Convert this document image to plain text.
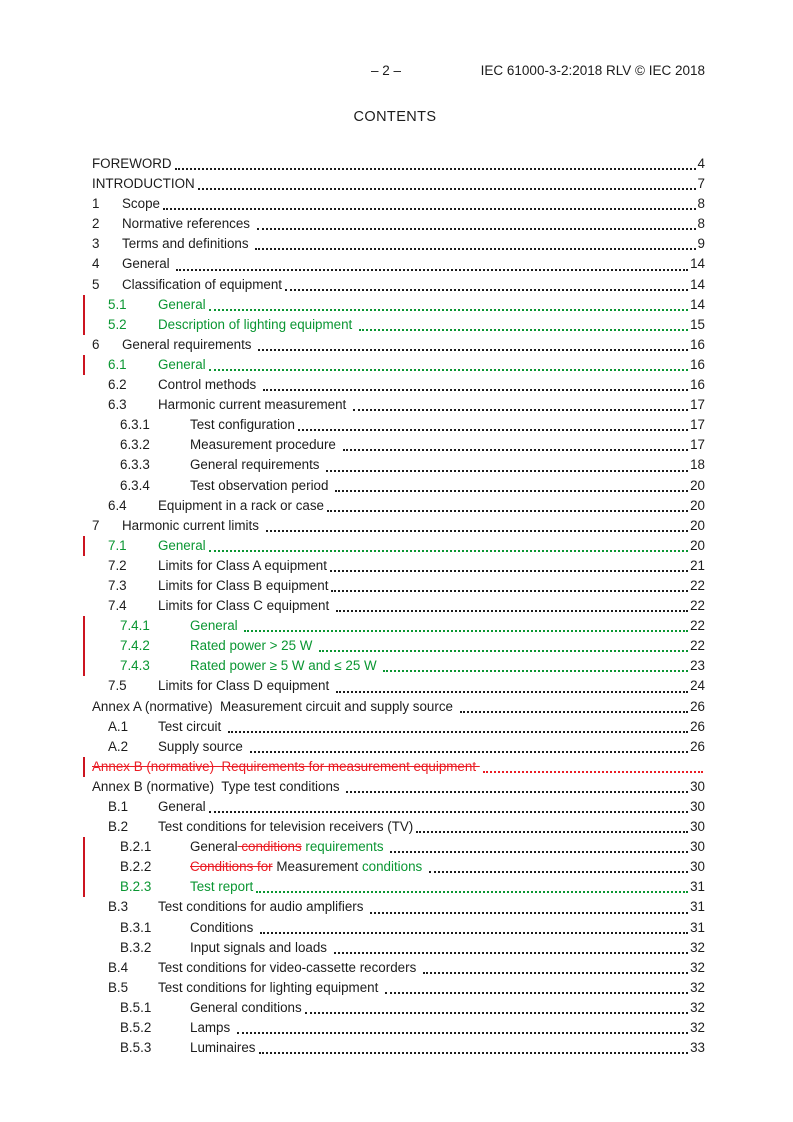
– 2 –	IEC 61000-3-2:2018 RLV © IEC 2018
CONTENTS
FOREWORD	4
INTRODUCTION	7
1	Scope	8
2	Normative references	8
3	Terms and definitions	9
4	General	14
5	Classification of equipment	14
5.1	General	14
5.2	Description of lighting equipment	15
6	General requirements	16
6.1	General	16
6.2	Control methods	16
6.3	Harmonic current measurement	17
6.3.1	Test configuration	17
6.3.2	Measurement procedure	17
6.3.3	General requirements	18
6.3.4	Test observation period	20
6.4	Equipment in a rack or case	20
7	Harmonic current limits	20
7.1	General	20
7.2	Limits for Class A equipment	21
7.3	Limits for Class B equipment	22
7.4	Limits for Class C equipment	22
7.4.1	General	22
7.4.2	Rated power > 25 W	22
7.4.3	Rated power ≥ 5 W and ≤ 25 W	23
7.5	Limits for Class D equipment	24
Annex A (normative)  Measurement circuit and supply source	26
A.1	Test circuit	26
A.2	Supply source	26
Annex B (normative)  Requirements for measurement equipment
Annex B (normative)  Type test conditions	30
B.1	General	30
B.2	Test conditions for television receivers (TV)	30
B.2.1	General conditions requirements	30
B.2.2	Conditions for Measurement conditions	30
B.2.3	Test report	31
B.3	Test conditions for audio amplifiers	31
B.3.1	Conditions	31
B.3.2	Input signals and loads	32
B.4	Test conditions for video-cassette recorders	32
B.5	Test conditions for lighting equipment	32
B.5.1	General conditions	32
B.5.2	Lamps	32
B.5.3	Luminaires	33
